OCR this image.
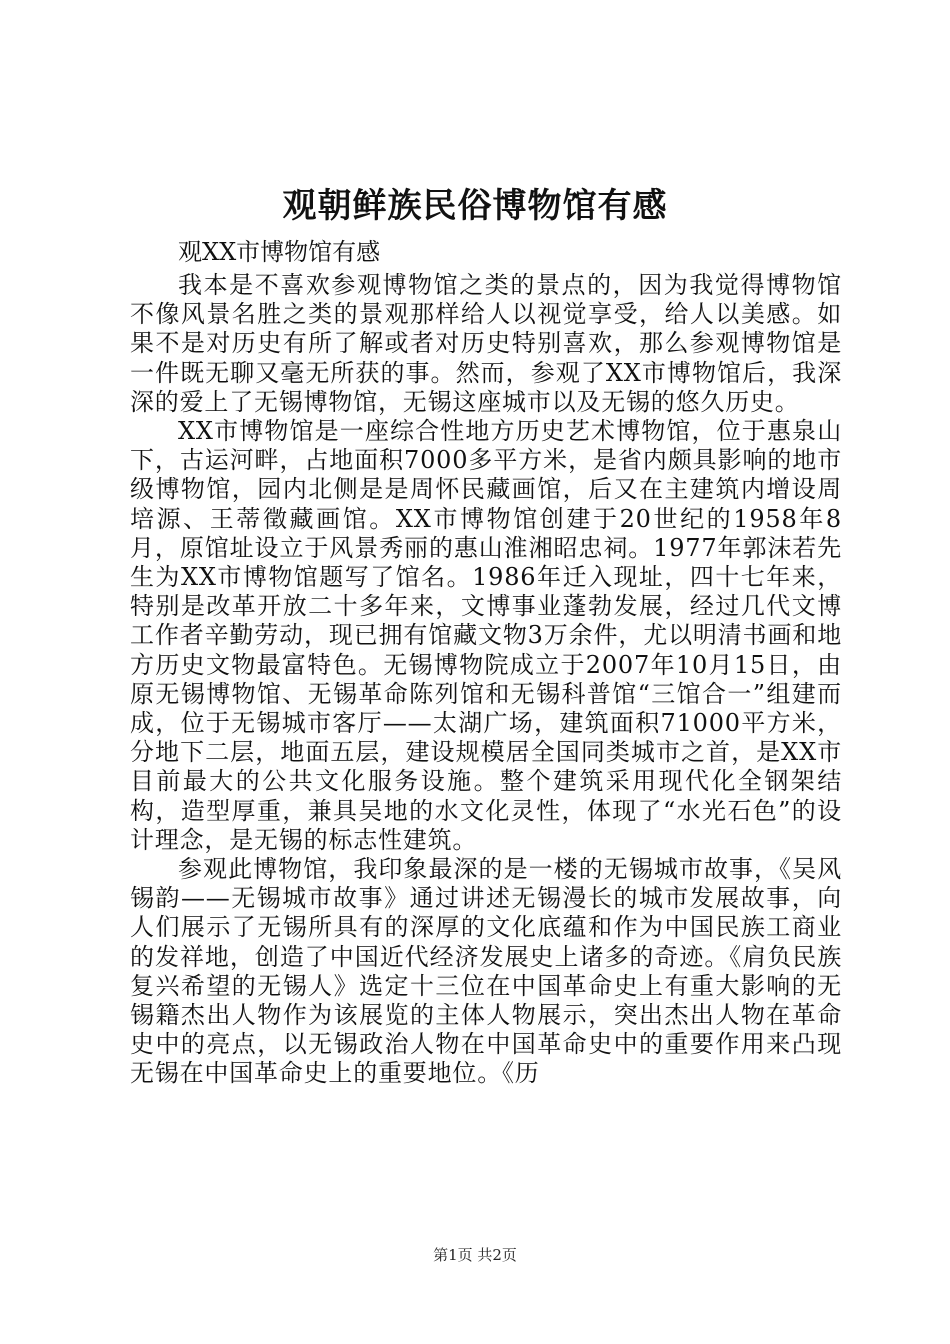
观朝鲜族民俗博物馆有感

观XX市博物馆有感

我本是不喜欢参观博物馆之类的景点的，因为我觉得博物馆不像风景名胜之类的景观那样给人以视觉享受，给人以美感。如果不是对历史有所了解或者对历史特别喜欢，那么参观博物馆是一件既无聊又毫无所获的事。然而，参观了XX市博物馆后，我深深的爱上了无锡博物馆，无锡这座城市以及无锡的悠久历史。

XX市博物馆是一座综合性地方历史艺术博物馆，位于惠泉山下，古运河畔，占地面积7000多平方米，是省内颇具影响的地市级博物馆，园内北侧是是周怀民藏画馆，后又在主建筑内增设周培源、王蒂徵藏画馆。XX市博物馆创建于20世纪的1958年8月，原馆址设立于风景秀丽的惠山淮湘昭忠祠。1977年郭沫若先生为XX市博物馆题写了馆名。1986年迁入现址，四十七年来，特别是改革开放二十多年来，文博事业蓬勃发展，经过几代文博工作者辛勤劳动，现已拥有馆藏文物3万余件，尤以明清书画和地方历史文物最富特色。无锡博物院成立于2007年10月15日，由原无锡博物馆、无锡革命陈列馆和无锡科普馆“三馆合一”组建而成，位于无锡城市客厅——太湖广场，建筑面积71000平方米，分地下二层，地面五层，建设规模居全国同类城市之首，是XX市目前最大的公共文化服务设施。整个建筑采用现代化全钢架结构，造型厚重，兼具吴地的水文化灵性，体现了“水光石色”的设计理念，是无锡的标志性建筑。

参观此博物馆，我印象最深的是一楼的无锡城市故事，《吴风锡韵——无锡城市故事》通过讲述无锡漫长的城市发展故事，向人们展示了无锡所具有的深厚的文化底蕴和作为中国民族工商业的发祥地，创造了中国近代经济发展史上诸多的奇迹。《肩负民族复兴希望的无锡人》选定十三位在中国革命史上有重大影响的无锡籍杰出人物作为该展览的主体人物展示，突出杰出人物在革命史中的亮点，以无锡政治人物在中国革命史中的重要作用来凸现无锡在中国革命史上的重要地位。《历

第1页 共2页
